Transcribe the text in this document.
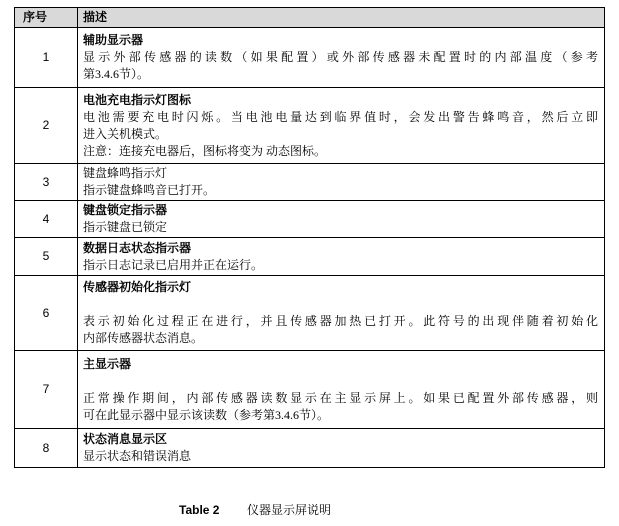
序号	描述
1	辅助显示器
显示外部传感器的读数（如果配置）或外部传感器未配置时的内部温度（参考
第3.4.6节）。

2	电池充电指示灯图标
电池需要充电时闪烁。当电池电量达到临界值时，会发出警告蜂鸣音，然后立即
进入关机模式。
注意：连接充电器后，图标将变为 动态图标。

3	键盘蜂鸣指示灯
指示键盘蜂鸣音已打开。

4	键盘锁定指示器
指示键盘已锁定

5	数据日志状态指示器
指示日志记录已启用并正在运行。

6	传感器初始化指示灯
表示初始化过程正在进行，并且传感器加热已打开。此符号的出现伴随着初始化
内部传感器状态消息。

7	主显示器
正常操作期间，内部传感器读数显示在主显示屏上。如果已配置外部传感器，则
可在此显示器中显示该读数（参考第3.4.6节）。

8	状态消息显示区
显示状态和错误消息
Table 2 仪器显示屏说明
